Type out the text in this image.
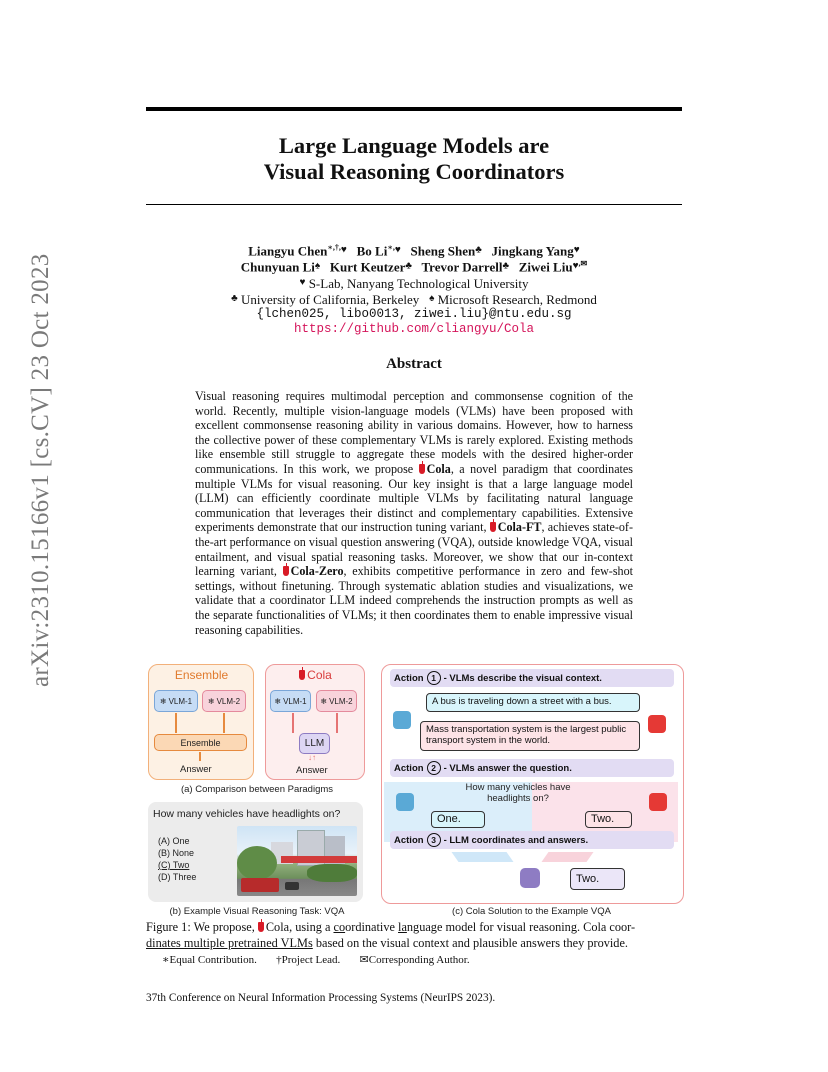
arXiv:2310.15166v1 [cs.CV] 23 Oct 2023
Large Language Models are
Visual Reasoning Coordinators
Liangyu Chen∗,†,♥ Bo Li∗,♥ Sheng Shen♣ Jingkang Yang♥
Chunyuan Li♠ Kurt Keutzer♣ Trevor Darrell♣ Ziwei Liu♥,✉
♥ S-Lab, Nanyang Technological University
♣ University of California, Berkeley ♠ Microsoft Research, Redmond
{lchen025, libo0013, ziwei.liu}@ntu.edu.sg
https://github.com/cliangyu/Cola
Abstract
Visual reasoning requires multimodal perception and commonsense cognition of the world. Recently, multiple vision-language models (VLMs) have been proposed with excellent commonsense reasoning ability in various domains. However, how to harness the collective power of these complementary VLMs is rarely explored. Existing methods like ensemble still struggle to aggregate these models with the desired higher-order communications. In this work, we propose Cola, a novel paradigm that coordinates multiple VLMs for visual reasoning. Our key insight is that a large language model (LLM) can efficiently coordinate multiple VLMs by facilitating natural language communication that leverages their distinct and complementary capabilities. Extensive experiments demonstrate that our instruction tuning variant, Cola-FT, achieves state-of-the-art performance on visual question answering (VQA), outside knowledge VQA, visual entailment, and visual spatial reasoning tasks. Moreover, we show that our in-context learning variant, Cola-Zero, exhibits competitive performance in zero and few-shot settings, without finetuning. Through systematic ablation studies and visualizations, we validate that a coordinator LLM indeed comprehends the instruction prompts as well as the separate functionalities of VLMs; it then coordinates them to enable impressive visual reasoning capabilities.
Ensemble
❄ VLM-1 ❄ VLM-2
Ensemble
Answer
Cola
❄ VLM-1 ❄ VLM-2
LLM
↓↑
Answer
(a) Comparison between Paradigms
How many vehicles have headlights on?
(A) One
(B) None
(C) Two
(D) Three
(b) Example Visual Reasoning Task: VQA
Action 1 - VLMs describe the visual context.
A bus is traveling down a street with a bus.
Mass transportation system is the largest public transport system in the world.
Action 2 - VLMs answer the question.
How many vehicles have headlights on?
One.	Two.
Action 3 - LLM coordinates and answers.
Two.
(c) Cola Solution to the Example VQA
Figure 1: We propose, Cola, using a coordinative language model for visual reasoning. Cola coor-
dinates multiple pretrained VLMs based on the visual context and plausible answers they provide.
∗Equal Contribution. †Project Lead. ✉Corresponding Author.
37th Conference on Neural Information Processing Systems (NeurIPS 2023).
